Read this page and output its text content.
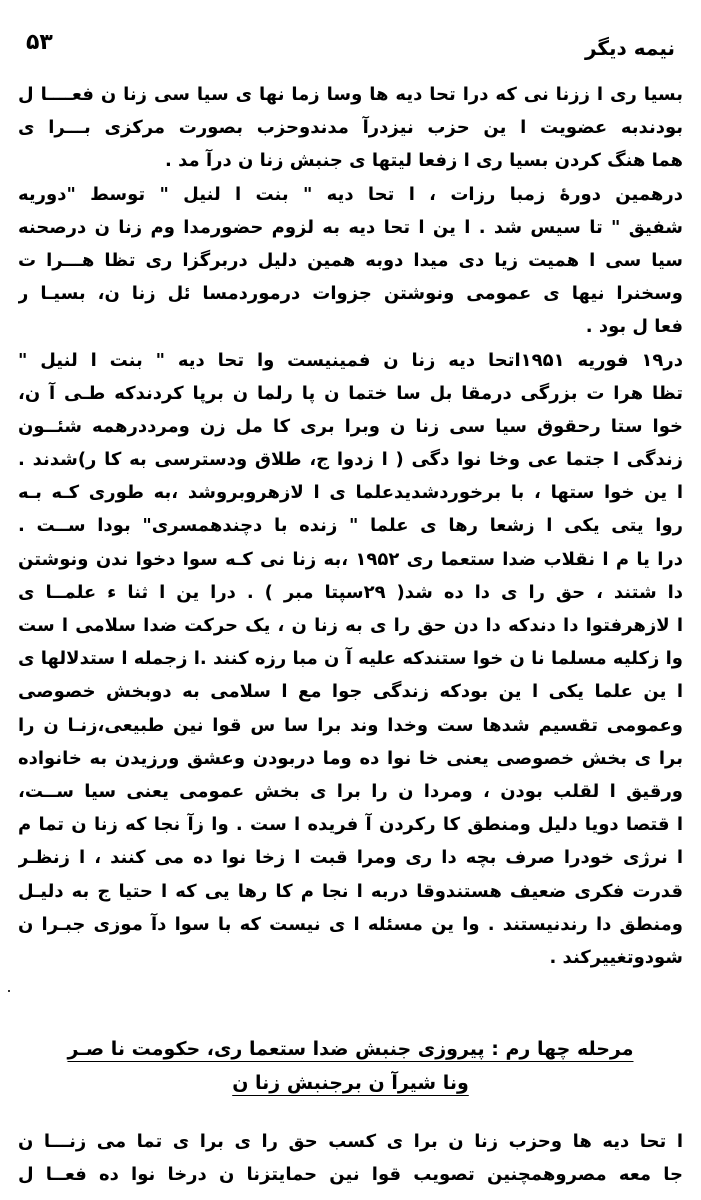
۵۳	نیمه دیگر
بسیا ری ا ززنا نی که درا تحا دیه ها وسا زما نها ی سیا سی زنا ن فعــــا ل
بودندبه عضویت ا ین حزب نیزدرآ مدندوحزب بصورت مرکزی بـــرا ی
هما هنگ کردن بسیا ری ا زفعا لیتها ی جنبش زنا ن درآ مد .
درهمین دورهٔ زمبا رزات ، ا تحا دیه " بنت ا لنیل " توسط "دوریه
شفیق " تا سیس شد . ا ین ا تحا دیه به لزوم حضورمدا وم زنا ن درصحنه
سیا سی ا همیت زیا دی میدا دوبه همین دلیل دربرگزا ری تظا هـــرا ت
وسخنرا نیها ی عمومی ونوشتن جزوات درموردمسا ئل زنا ن، بسیـا ر
فعا ل بود .
در۱۹ فوریه ۱۹۵۱اتحا دیه زنا ن فمینیست وا تحا دیه " بنت ا لنیل "
تظا هرا ت بزرگی درمقا بل سا ختما ن پا رلما ن برپا کردندکه طـی آ ن،
خوا ستا رحقوق سیا سی زنا ن وبرا بری کا مل زن ومرددرهمه شئــون
زندگی ا جتما عی وخا نوا دگی ( ا زدوا ج، طلاق ودسترسی به کا ر)شدند .
ا ین خوا ستها ، با برخوردشدیدعلما ی ا لازهروبروشد ،به طوری کـه بـه
روا یتی یکی ا زشعا رها ی علما " زنده با دچندهمسری" بودا ســت .
درا یا م ا نقلاب ضدا ستعما ری ۱۹۵۲ ،به زنا نی کـه سوا دخوا ندن ونوشتن
دا شتند ، حق را ی دا ده شد( ۲۹سپتا مبر ) . درا ین ا ثنا ء علمــا ی
ا لازهرفتوا دا دندکه دا دن حق را ی به زنا ن ، یک حرکت ضدا سلامی ا ست
وا زکلیه مسلما نا ن خوا ستندکه علیه آ ن مبا رزه کنند .ا زجمله ا ستدلالها ی
ا ین علما یکی ا ین بودکه زندگی جوا مع ا سلامی به دوبخش خصوصی
وعمومی تقسیم شدها ست وخدا وند برا سا س قوا نین طبیعی،زنـا ن را
برا ی بخش خصوصی یعنی خا نوا ده وما دربودن وعشق ورزیدن به خانواده
ورقیق ا لقلب بودن ، ومردا ن را برا ی بخش عمومی یعنی سیا ســت،
ا قتصا دویا دلیل ومنطق کا رکردن آ فریده ا ست . وا زآ نجا که زنا ن تما م
ا نرژی خودرا صرف بچه دا ری ومرا قبت ا زخا نوا ده می کنند ، ا زنظـر
قدرت فکری ضعیف هستندوقا دربه ا نجا م کا رها یی که ا حتیا ج به دلیـل
ومنطق دا رندنیستند . وا ین مسئله ا ی نیست که با سوا دآ موزی جبـرا ن
شودوتغییرکند .
مرحله چها رم : پیروزی جنبش ضدا ستعما ری، حکومت نا صـر
ونا شیرآ ن برجنبش زنا ن
ا تحا دیه ها وحزب زنا ن برا ی کسب حق را ی برا ی تما می زنـــا ن
جا معه مصروهمچنین تصویب قوا نین حمایتزنا ن درخا نوا ده فعــا ل
